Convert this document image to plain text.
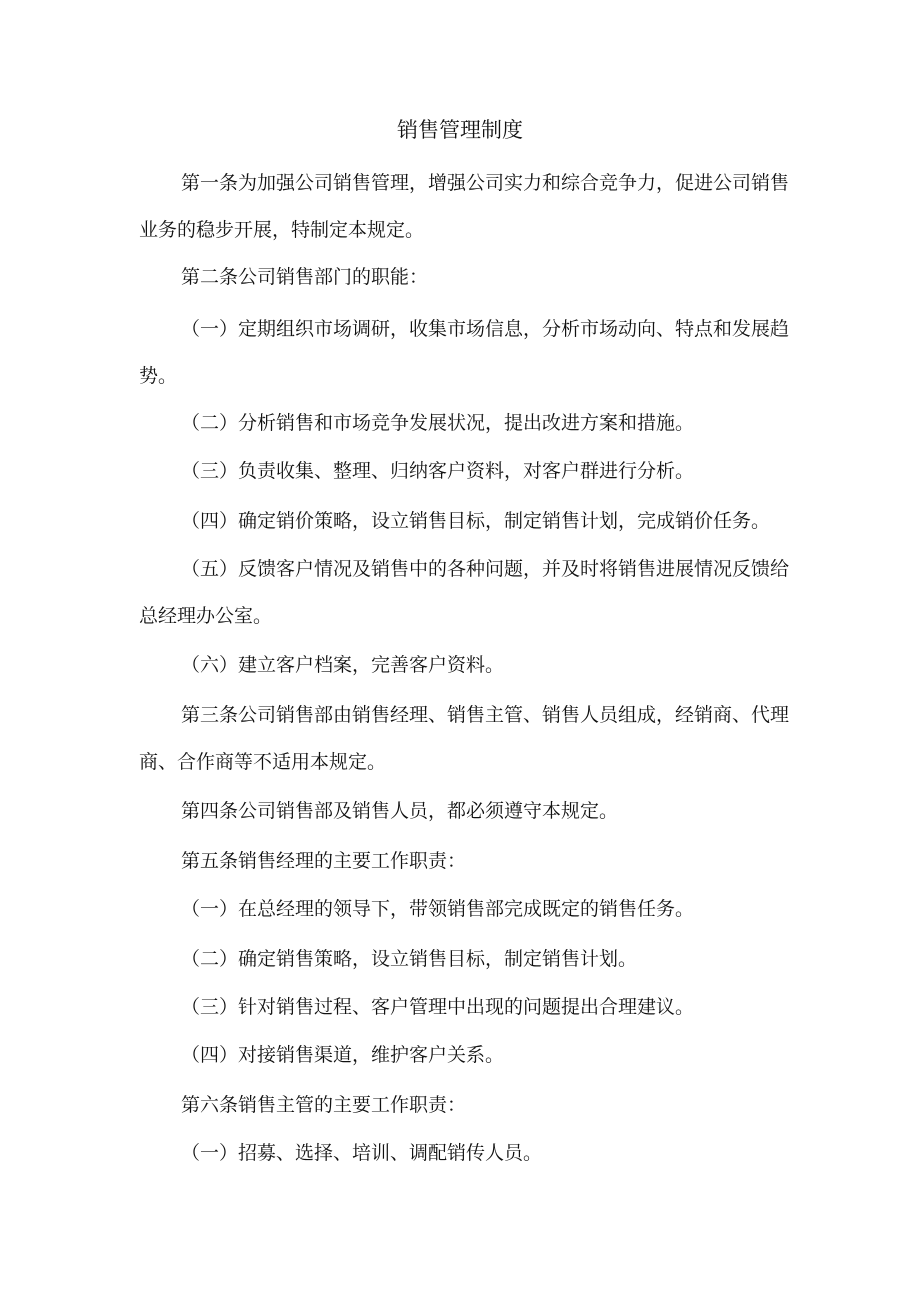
销售管理制度

第一条为加强公司销售管理，增强公司实力和综合竞争力，促进公司销售业务的稳步开展，特制定本规定。

第二条公司销售部门的职能：

（一）定期组织市场调研，收集市场信息，分析市场动向、特点和发展趋势。

（二）分析销售和市场竞争发展状况，提出改进方案和措施。

（三）负责收集、整理、归纳客户资料，对客户群进行分析。

（四）确定销价策略，设立销售目标，制定销售计划，完成销价任务。

（五）反馈客户情况及销售中的各种问题，并及时将销售进展情况反馈给总经理办公室。

（六）建立客户档案，完善客户资料。

第三条公司销售部由销售经理、销售主管、销售人员组成，经销商、代理商、合作商等不适用本规定。

第四条公司销售部及销售人员，都必须遵守本规定。

第五条销售经理的主要工作职责：

（一）在总经理的领导下，带领销售部完成既定的销售任务。

（二）确定销售策略，设立销售目标，制定销售计划。

（三）针对销售过程、客户管理中出现的问题提出合理建议。

（四）对接销售渠道，维护客户关系。

第六条销售主管的主要工作职责：

（一）招募、选择、培训、调配销传人员。
